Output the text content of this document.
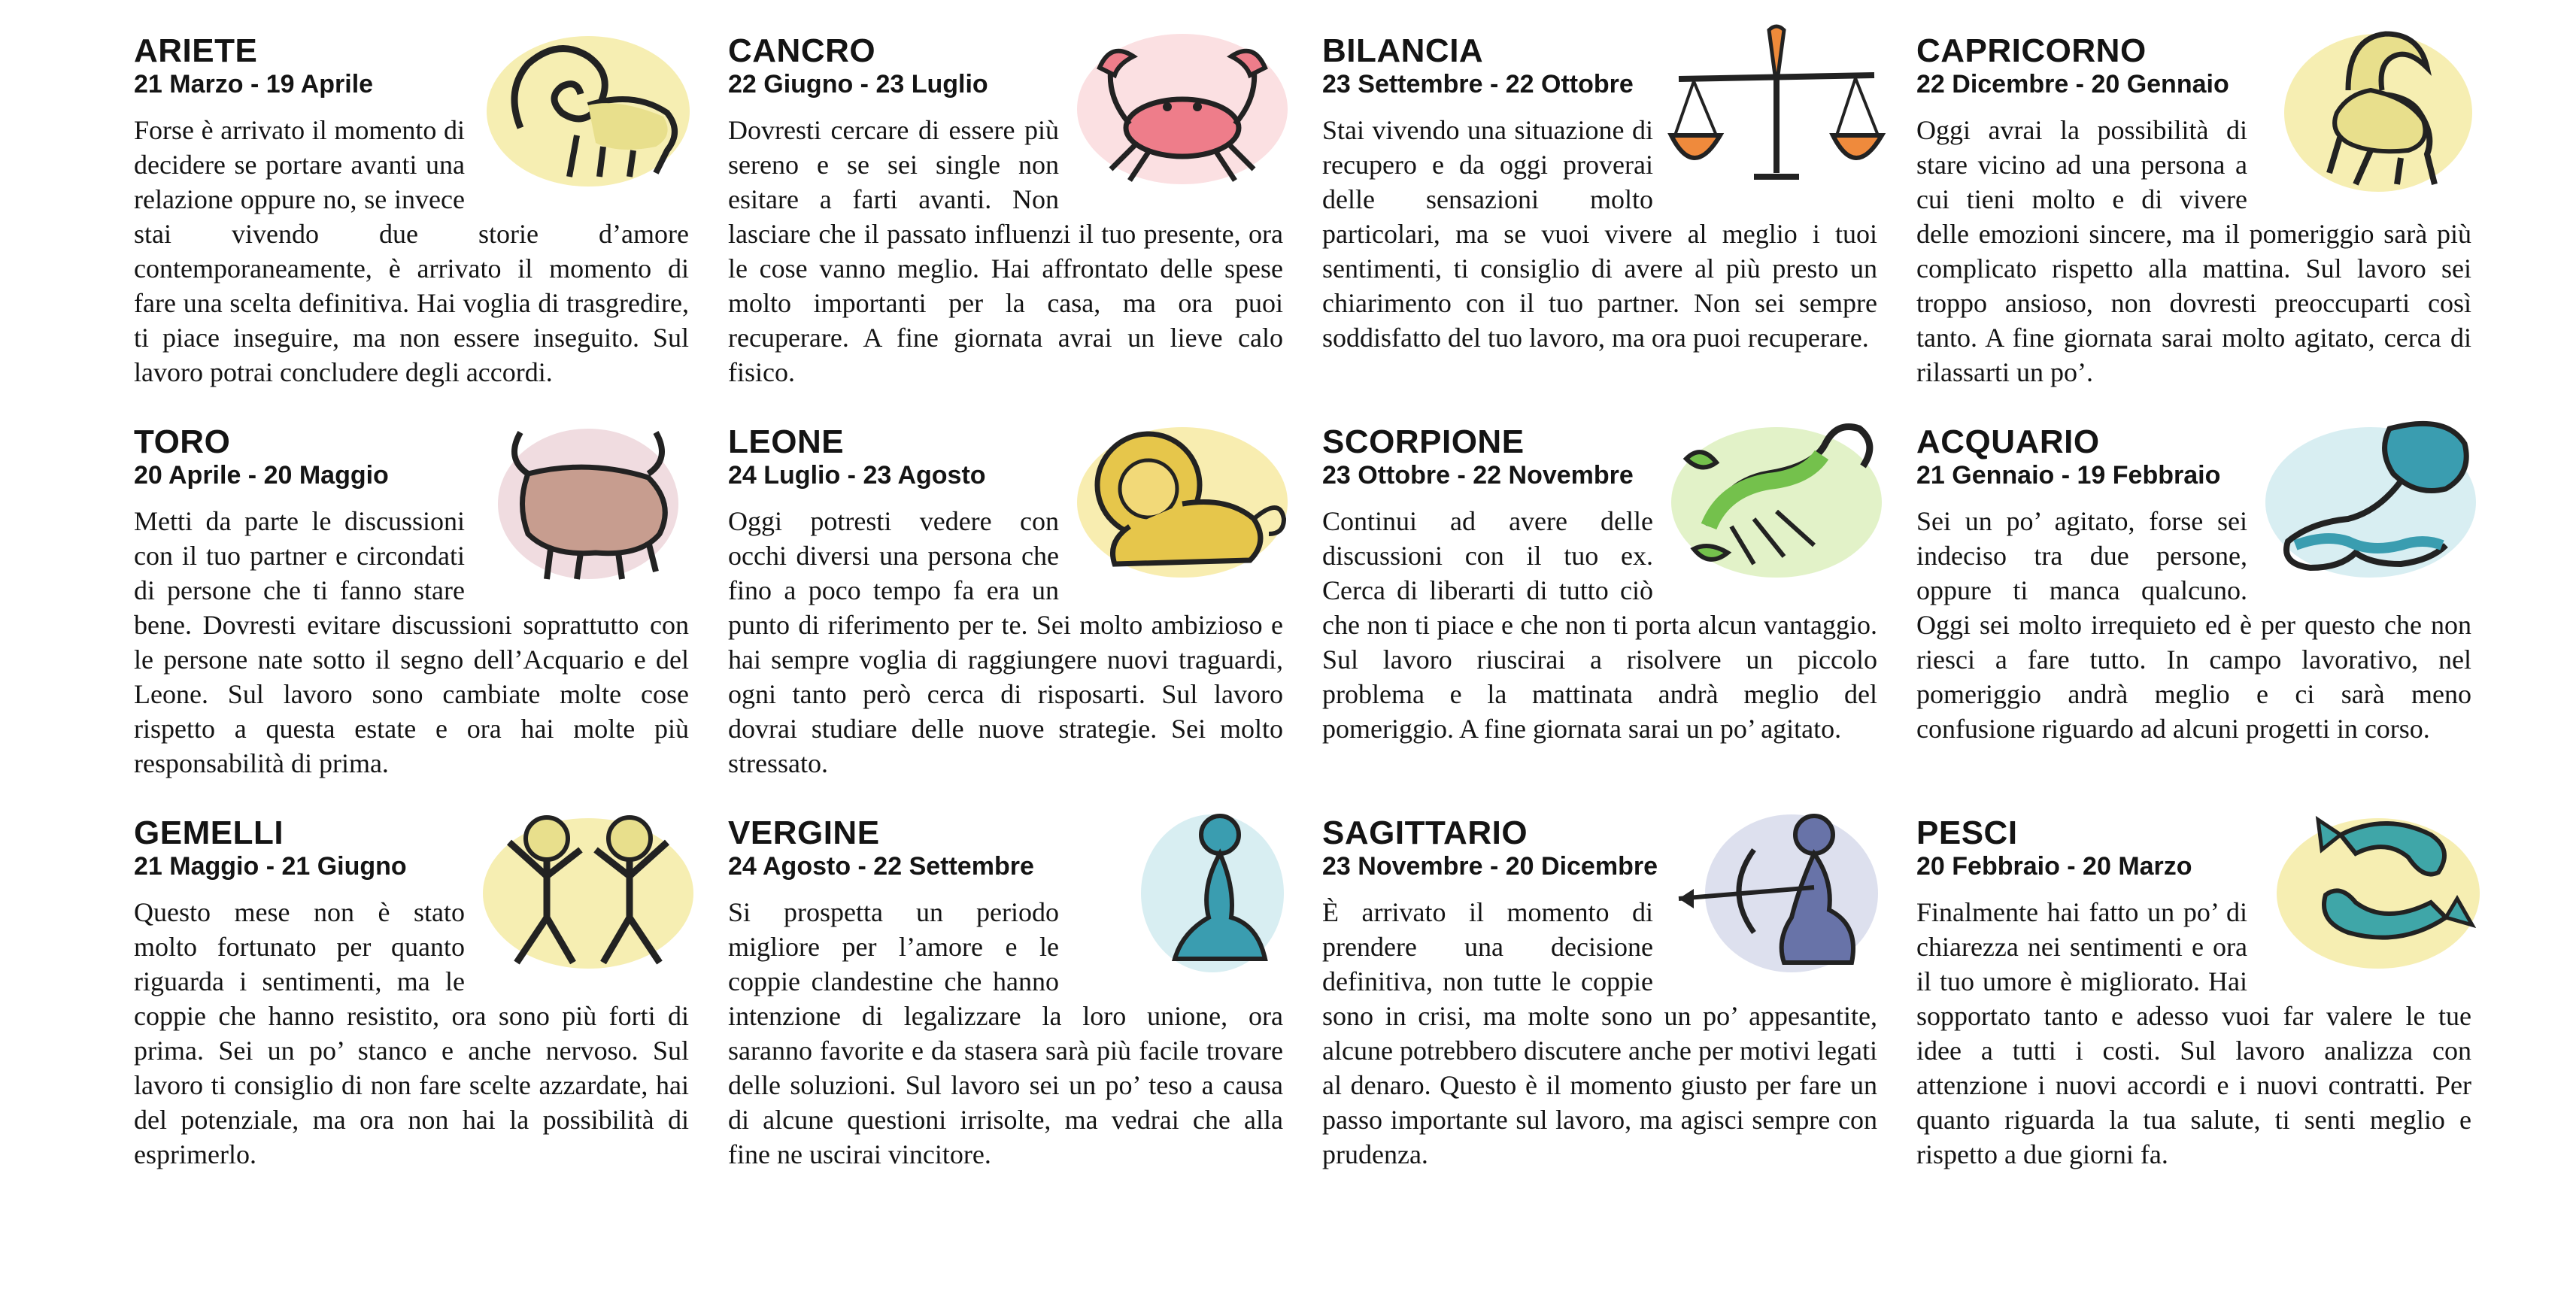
ARIETE
21 Marzo - 19 Aprile
Forse è arrivato il momento di decidere se portare avanti una relazione oppure no, se invece stai vivendo due storie d’amore contemporaneamente, è arrivato il momento di fare una scelta definitiva. Hai voglia di trasgredire, ti piace inseguire, ma non essere inseguito. Sul lavoro potrai concludere degli accordi.
CANCRO
22 Giugno - 23 Luglio
Dovresti cercare di essere più sereno e se sei single non esitare a farti avanti. Non lasciare che il passato influenzi il tuo presente, ora le cose vanno meglio. Hai affrontato delle spese molto importanti per la casa, ma ora puoi recuperare. A fine giornata avrai un lieve calo fisico.
BILANCIA
23 Settembre - 22 Ottobre
Stai vivendo una situazione di recupero e da oggi proverai delle sensazioni molto particolari, ma se vuoi vivere al meglio i tuoi sentimenti, ti consiglio di avere al più presto un chiarimento con il tuo partner. Non sei sempre soddisfatto del tuo lavoro, ma ora puoi recuperare.
CAPRICORNO
22 Dicembre - 20 Gennaio
Oggi avrai la possibilità di stare vicino ad una persona a cui tieni molto e di vivere delle emozioni sincere, ma il pomeriggio sarà più complicato rispetto alla mattina. Sul lavoro sei troppo ansioso, non dovresti preoccuparti così tanto. A fine giornata sarai molto agitato, cerca di rilassarti un po’.
TORO
20 Aprile - 20 Maggio
Metti da parte le discussioni con il tuo partner e circondati di persone che ti fanno stare bene. Dovresti evitare discussioni soprattutto con le persone nate sotto il segno dell’Acquario e del Leone. Sul lavoro sono cambiate molte cose rispetto a questa estate e ora hai molte più responsabilità di prima.
LEONE
24 Luglio - 23 Agosto
Oggi potresti vedere con occhi diversi una persona che fino a poco tempo fa era un punto di riferimento per te. Sei molto ambizioso e hai sempre voglia di raggiungere nuovi traguardi, ogni tanto però cerca di risposarti. Sul lavoro dovrai studiare delle nuove strategie. Sei molto stressato.
SCORPIONE
23 Ottobre - 22 Novembre
Continui ad avere delle discussioni con il tuo ex. Cerca di liberarti di tutto ciò che non ti piace e che non ti porta alcun vantaggio. Sul lavoro riuscirai a risolvere un piccolo problema e la mattinata andrà meglio del pomeriggio. A fine giornata sarai un po’ agitato.
ACQUARIO
21 Gennaio - 19 Febbraio
Sei un po’ agitato, forse sei indeciso tra due persone, oppure ti manca qualcuno. Oggi sei molto irrequieto ed è per questo che non riesci a fare tutto. In campo lavorativo, nel pomeriggio andrà meglio e ci sarà meno confusione riguardo ad alcuni progetti in corso.
GEMELLI
21 Maggio - 21 Giugno
Questo mese non è stato molto fortunato per quanto riguarda i sentimenti, ma le coppie che hanno resistito, ora sono più forti di prima. Sei un po’ stanco e anche nervoso. Sul lavoro ti consiglio di non fare scelte azzardate, hai del potenziale, ma ora non hai la possibilità di esprimerlo.
VERGINE
24 Agosto - 22 Settembre
Si prospetta un periodo migliore per l’amore e le coppie clandestine che hanno intenzione di legalizzare la loro unione, ora saranno favorite e da stasera sarà più facile trovare delle soluzioni. Sul lavoro sei un po’ teso a causa di alcune questioni irrisolte, ma vedrai che alla fine ne uscirai vincitore.
SAGITTARIO
23 Novembre - 20 Dicembre
È arrivato il momento di prendere una decisione definitiva, non tutte le coppie sono in crisi, ma molte sono un po’ appesantite, alcune potrebbero discutere anche per motivi legati al denaro. Questo è il momento giusto per fare un passo importante sul lavoro, ma agisci sempre con prudenza.
PESCI
20 Febbraio - 20 Marzo
Finalmente hai fatto un po’ di chiarezza nei sentimenti e ora il tuo umore è migliorato. Hai sopportato tanto e adesso vuoi far valere le tue idee a tutti i costi. Sul lavoro analizza con attenzione i nuovi accordi e i nuovi contratti. Per quanto riguarda la tua salute, ti senti meglio e rispetto a due giorni fa.
